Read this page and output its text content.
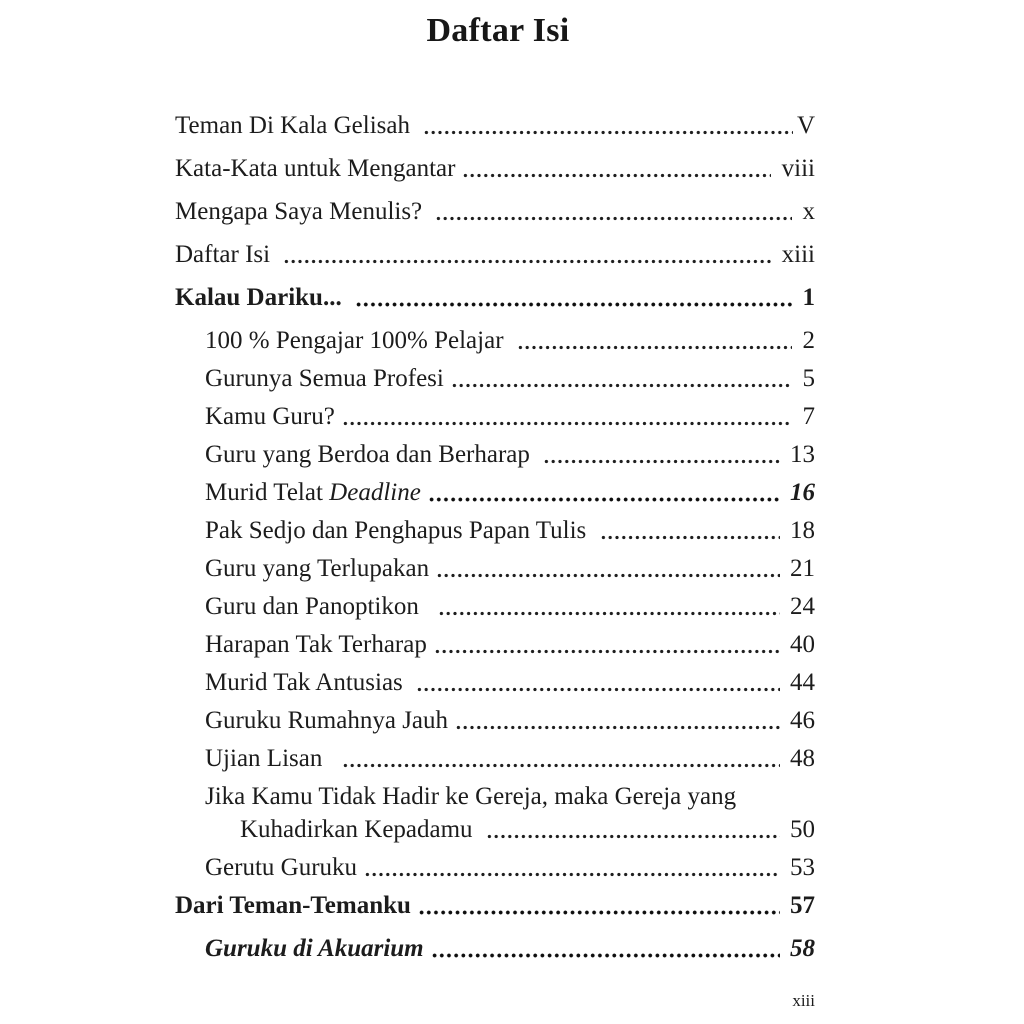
Daftar Isi
Teman Di Kala Gelisah	V
Kata-Kata untuk Mengantar	viii
Mengapa Saya Menulis?	x
Daftar Isi	xiii
Kalau Dariku...	1
100 % Pengajar 100% Pelajar	2
Gurunya Semua Profesi	5
Kamu Guru?	7
Guru yang Berdoa dan Berharap	13
Murid Telat Deadline	16
Pak Sedjo dan Penghapus Papan Tulis	18
Guru yang Terlupakan	21
Guru dan Panoptikon	24
Harapan Tak Terharap	40
Murid Tak Antusias	44
Guruku Rumahnya Jauh	46
Ujian Lisan	48
Jika Kamu Tidak Hadir ke Gereja, maka Gereja yang
Kuhadirkan Kepadamu	50
Gerutu Guruku	53
Dari Teman-Temanku	57
Guruku di Akuarium	58
xiii
